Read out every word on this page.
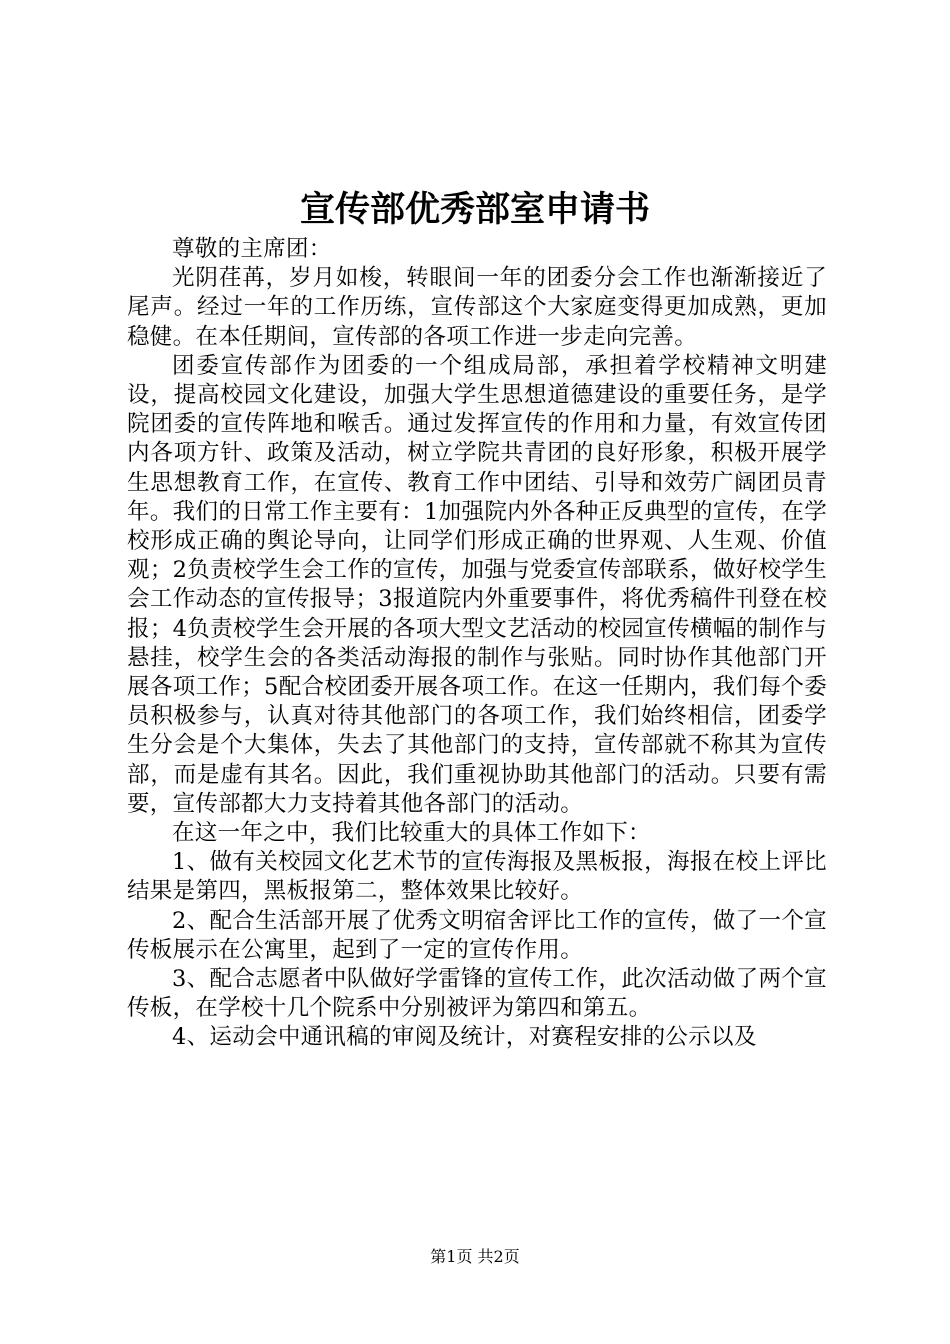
宣传部优秀部室申请书

尊敬的主席团：

光阴荏苒，岁月如梭，转眼间一年的团委分会工作也渐渐接近了尾声。经过一年的工作历练，宣传部这个大家庭变得更加成熟，更加稳健。在本任期间，宣传部的各项工作进一步走向完善。

团委宣传部作为团委的一个组成局部，承担着学校精神文明建设，提高校园文化建设，加强大学生思想道德建设的重要任务，是学院团委的宣传阵地和喉舌。通过发挥宣传的作用和力量，有效宣传团内各项方针、政策及活动，树立学院共青团的良好形象，积极开展学生思想教育工作，在宣传、教育工作中团结、引导和效劳广阔团员青年。我们的日常工作主要有：1加强院内外各种正反典型的宣传，在学校形成正确的舆论导向，让同学们形成正确的世界观、人生观、价值观；2负责校学生会工作的宣传，加强与党委宣传部联系，做好校学生会工作动态的宣传报导；3报道院内外重要事件，将优秀稿件刊登在校报；4负责校学生会开展的各项大型文艺活动的校园宣传横幅的制作与悬挂，校学生会的各类活动海报的制作与张贴。同时协作其他部门开展各项工作；5配合校团委开展各项工作。在这一任期内，我们每个委员积极参与，认真对待其他部门的各项工作，我们始终相信，团委学生分会是个大集体，失去了其他部门的支持，宣传部就不称其为宣传部，而是虚有其名。因此，我们重视协助其他部门的活动。只要有需要，宣传部都大力支持着其他各部门的活动。

在这一年之中，我们比较重大的具体工作如下：

1、做有关校园文化艺术节的宣传海报及黑板报，海报在校上评比结果是第四，黑板报第二，整体效果比较好。

2、配合生活部开展了优秀文明宿舍评比工作的宣传，做了一个宣传板展示在公寓里，起到了一定的宣传作用。

3、配合志愿者中队做好学雷锋的宣传工作，此次活动做了两个宣传板，在学校十几个院系中分别被评为第四和第五。

4、运动会中通讯稿的审阅及统计，对赛程安排的公示以及

第1页 共2页
